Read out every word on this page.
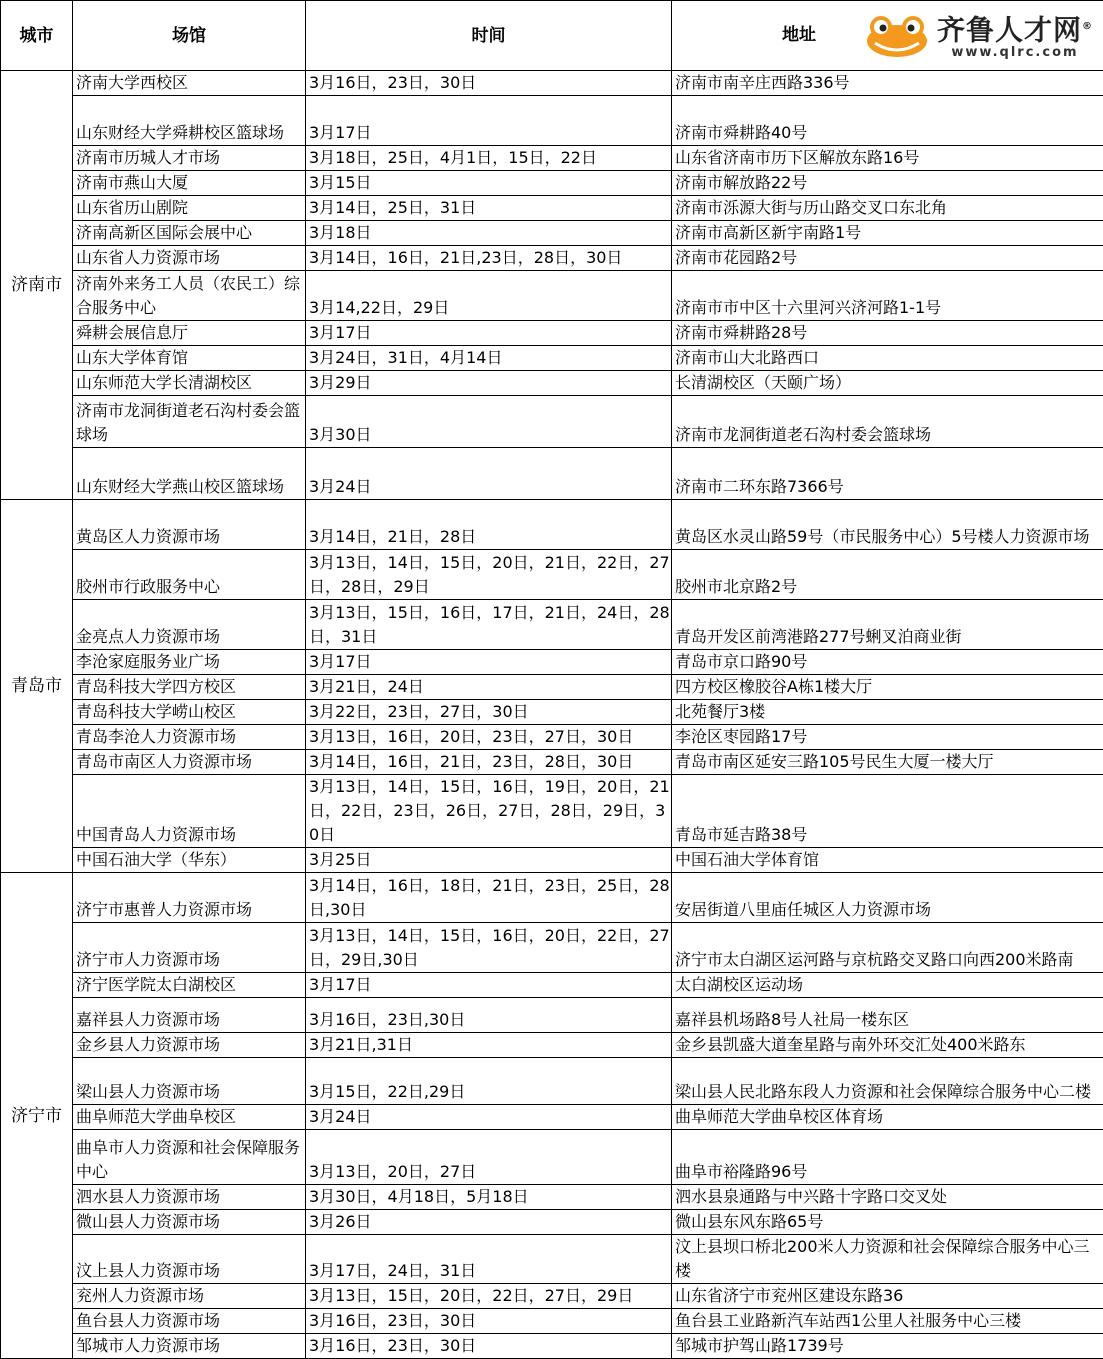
城市	场馆	时间	地址 齐鲁人才网®
www.qlrc.com

济南市	济南大学西校区	3月16日，23日，30日	济南市南辛庄西路336号
	山东财经大学舜耕校区篮球场	3月17日	济南市舜耕路40号
	济南市历城人才市场	3月18日，25日，4月1日，15日，22日	山东省济南市历下区解放东路16号
	济南市燕山大厦	3月15日	济南市解放路22号
	山东省历山剧院	3月14日，25日，31日	济南市泺源大街与历山路交叉口东北角
	济南高新区国际会展中心	3月18日	济南市高新区新宇南路1号
	山东省人力资源市场	3月14日，16日，21日,23日，28日，30日	济南市花园路2号
	济南外来务工人员（农民工）综合服务中心	3月14,22日，29日	济南市市中区十六里河兴济河路1-1号
	舜耕会展信息厅	3月17日	济南市舜耕路28号
	山东大学体育馆	3月24日，31日，4月14日	济南市山大北路西口
	山东师范大学长清湖校区	3月29日	长清湖校区（天颐广场）
	济南市龙洞街道老石沟村委会篮球场	3月30日	济南市龙洞街道老石沟村委会篮球场
	山东财经大学燕山校区篮球场	3月24日	济南市二环东路7366号
青岛市	黄岛区人力资源市场	3月14日，21日，28日	黄岛区水灵山路59号（市民服务中心）5号楼人力资源市场
	胶州市行政服务中心	3月13日，14日，15日，20日，21日，22日，27日，28日，29日	胶州市北京路2号
	金亮点人力资源市场	3月13日，15日，16日，17日，21日，24日，28日，31日	青岛开发区前湾港路277号蜊叉泊商业街
	李沧家庭服务业广场	3月17日	青岛市京口路90号
	青岛科技大学四方校区	3月21日，24日	四方校区橡胶谷A栋1楼大厅
	青岛科技大学崂山校区	3月22日，23日，27日，30日	北苑餐厅3楼
	青岛李沧人力资源市场	3月13日，16日，20日，23日，27日，30日	李沧区枣园路17号
	青岛市南区人力资源市场	3月14日，16日，21日，23日，28日，30日	青岛市南区延安三路105号民生大厦一楼大厅
	中国青岛人力资源市场	3月13日，14日，15日，16日，19日，20日，21日，22日，23日，26日，27日，28日，29日，30日	青岛市延吉路38号
	中国石油大学（华东）	3月25日	中国石油大学体育馆
济宁市	济宁市惠普人力资源市场	3月14日，16日，18日，21日，23日，25日，28日,30日	安居街道八里庙任城区人力资源市场
	济宁市人力资源市场	3月13日，14日，15日，16日，20日，22日，27日，29日,30日	济宁市太白湖区运河路与京杭路交叉路口向西200米路南
	济宁医学院太白湖校区	3月17日	太白湖校区运动场
	嘉祥县人力资源市场	3月16日，23日,30日	嘉祥县机场路8号人社局一楼东区
	金乡县人力资源市场	3月21日,31日	金乡县凯盛大道奎星路与南外环交汇处400米路东
	梁山县人力资源市场	3月15日，22日,29日	梁山县人民北路东段人力资源和社会保障综合服务中心二楼
	曲阜师范大学曲阜校区	3月24日	曲阜师范大学曲阜校区体育场
	曲阜市人力资源和社会保障服务中心	3月13日，20日，27日	曲阜市裕隆路96号
	泗水县人力资源市场	3月30日，4月18日，5月18日	泗水县泉通路与中兴路十字路口交叉处
	微山县人力资源市场	3月26日	微山县东风东路65号
	汶上县人力资源市场	3月17日，24日，31日	汶上县坝口桥北200米人力资源和社会保障综合服务中心三楼
	兖州人力资源市场	3月13日，15日，20日，22日，27日，29日	山东省济宁市兖州区建设东路36
	鱼台县人力资源市场	3月16日，23日，30日	鱼台县工业路新汽车站西1公里人社服务中心三楼
	邹城市人力资源市场	3月16日，23日，30日	邹城市护驾山路1739号
